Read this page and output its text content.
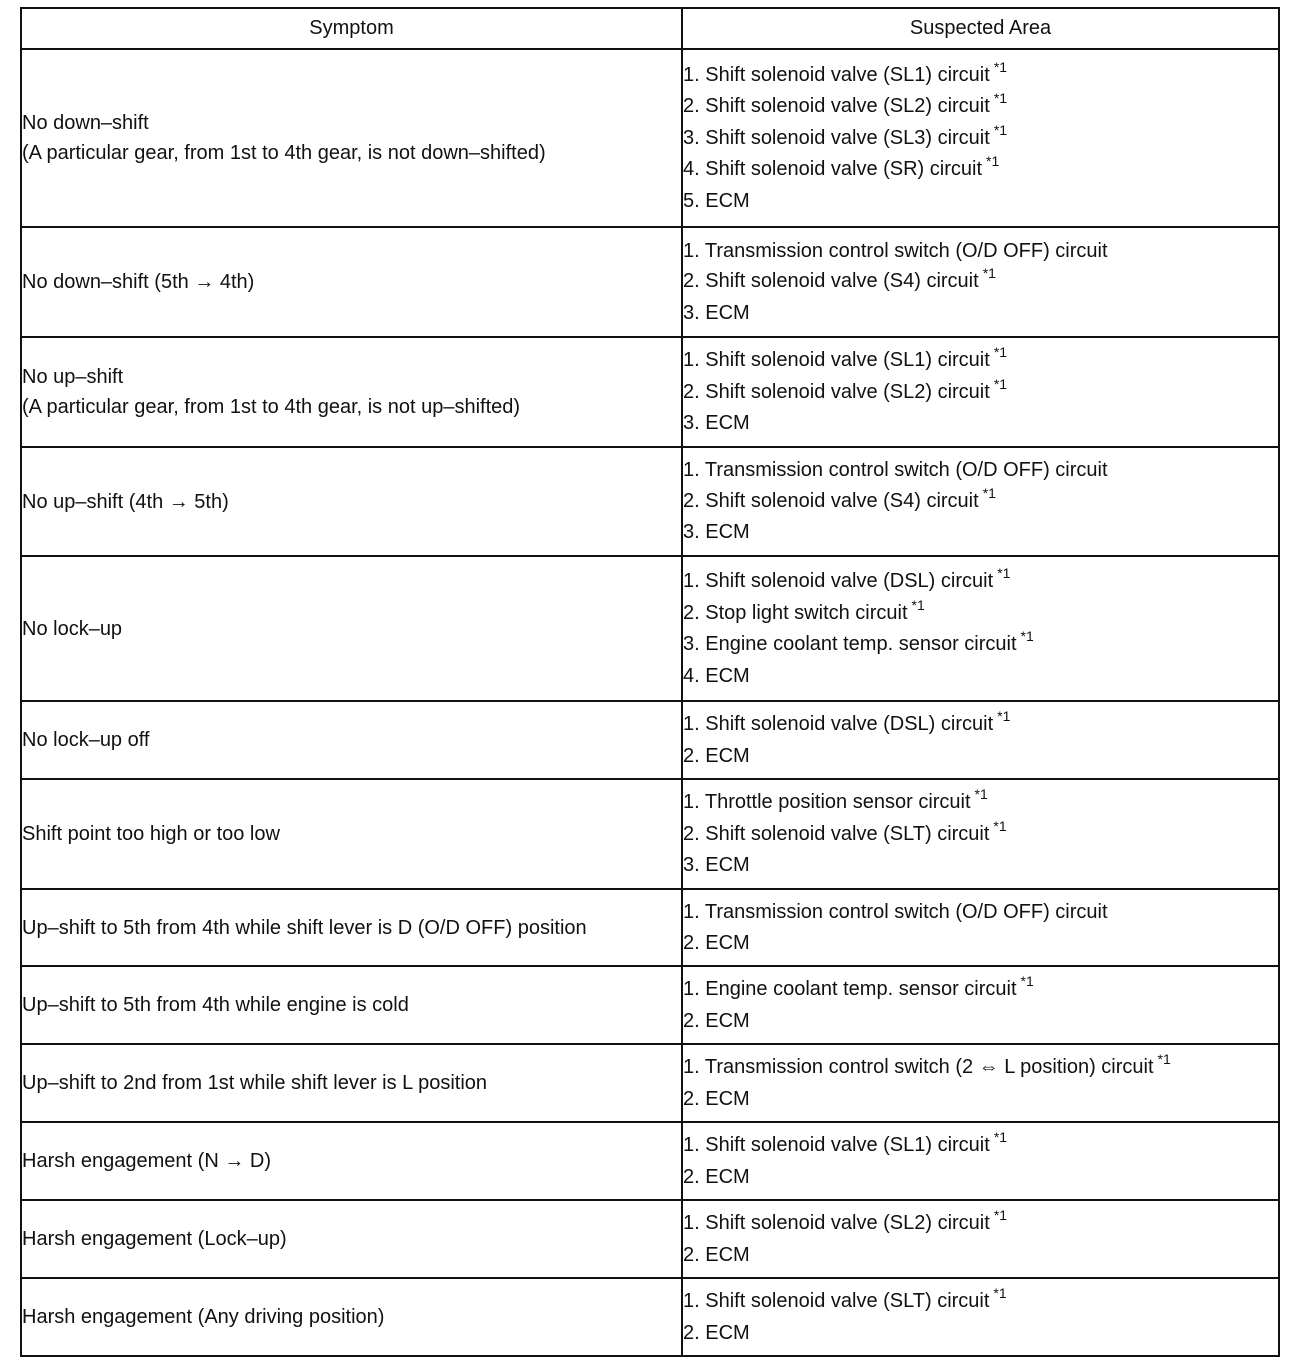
Symptom	Suspected Area

No down–shift
(A particular gear, from 1st to 4th gear, is not down–shifted)	1. Shift solenoid valve (SL1) circuit $^{*1}$
2. Shift solenoid valve (SL2) circuit $^{*1}$
3. Shift solenoid valve (SL3) circuit $^{*1}$
4. Shift solenoid valve (SR) circuit $^{*1}$
5. ECM

No down–shift (5th → 4th)	1. Transmission control switch (O/D OFF) circuit
2. Shift solenoid valve (S4) circuit $^{*1}$
3. ECM

No up–shift
(A particular gear, from 1st to 4th gear, is not up–shifted)	1. Shift solenoid valve (SL1) circuit $^{*1}$
2. Shift solenoid valve (SL2) circuit $^{*1}$
3. ECM

No up–shift (4th → 5th)	1. Transmission control switch (O/D OFF) circuit
2. Shift solenoid valve (S4) circuit $^{*1}$
3. ECM

No lock–up	1. Shift solenoid valve (DSL) circuit $^{*1}$
2. Stop light switch circuit $^{*1}$
3. Engine coolant temp. sensor circuit $^{*1}$
4. ECM

No lock–up off	1. Shift solenoid valve (DSL) circuit $^{*1}$
2. ECM

Shift point too high or too low	1. Throttle position sensor circuit $^{*1}$
2. Shift solenoid valve (SLT) circuit $^{*1}$
3. ECM

Up–shift to 5th from 4th while shift lever is D (O/D OFF) position	1. Transmission control switch (O/D OFF) circuit
2. ECM

Up–shift to 5th from 4th while engine is cold	1. Engine coolant temp. sensor circuit $^{*1}$
2. ECM

Up–shift to 2nd from 1st while shift lever is L position	1. Transmission control switch (2 ⇔ L position) circuit $^{*1}$
2. ECM

Harsh engagement (N → D)	1. Shift solenoid valve (SL1) circuit $^{*1}$
2. ECM

Harsh engagement (Lock–up)	1. Shift solenoid valve (SL2) circuit $^{*1}$
2. ECM

Harsh engagement (Any driving position)	1. Shift solenoid valve (SLT) circuit $^{*1}$
2. ECM
